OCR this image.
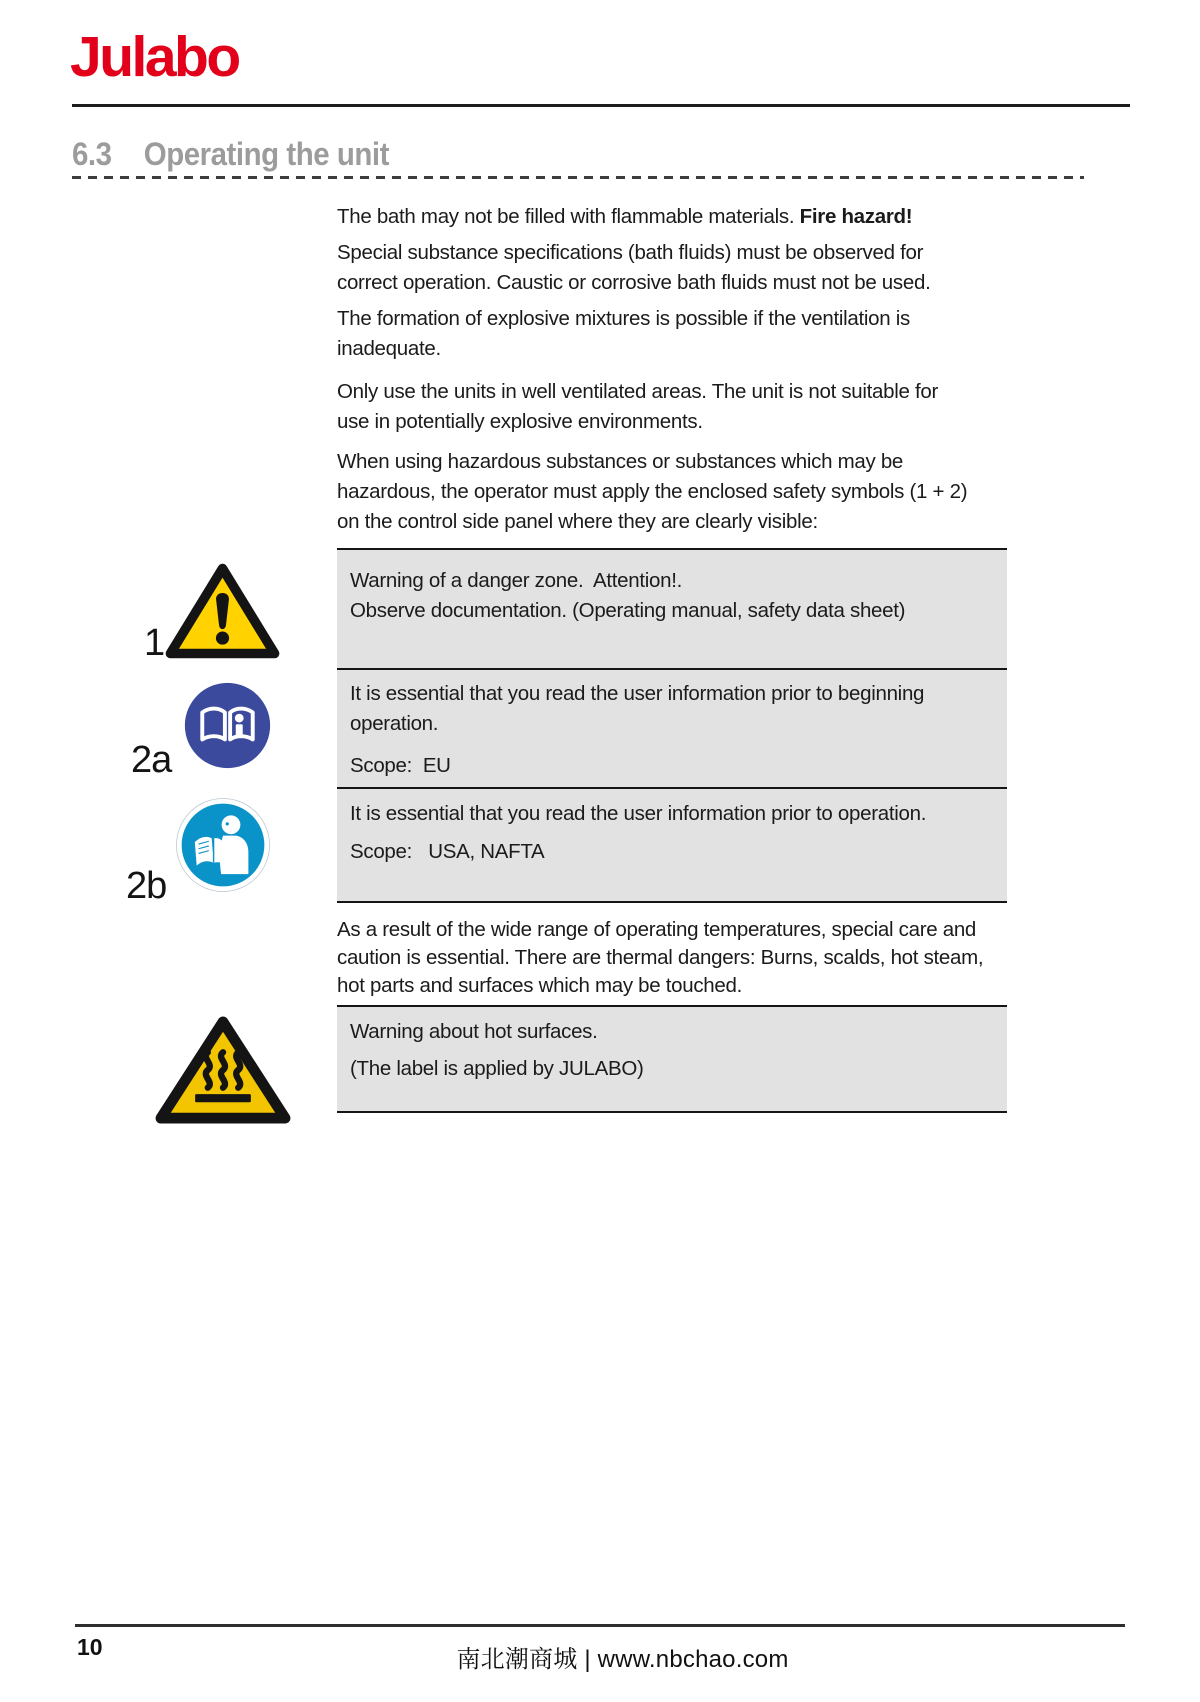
Julabo
6.3	Operating the unit
The bath may not be filled with flammable materials. Fire hazard!
Special substance specifications (bath fluids) must be observed for
correct operation. Caustic or corrosive bath fluids must not be used.
The formation of explosive mixtures is possible if the ventilation is
inadequate.
Only use the units in well ventilated areas. The unit is not suitable for
use in potentially explosive environments.
When using hazardous substances or substances which may be
hazardous, the operator must apply the enclosed safety symbols (1 + 2)
on the control side panel where they are clearly visible:
1
2a
2b
Warning of a danger zone.  Attention!.
Observe documentation. (Operating manual, safety data sheet)
It is essential that you read the user information prior to beginning
operation.
Scope:  EU
It is essential that you read the user information prior to operation.
Scope:   USA, NAFTA
As a result of the wide range of operating temperatures, special care and
caution is essential. There are thermal dangers: Burns, scalds, hot steam,
hot parts and surfaces which may be touched.
Warning about hot surfaces.
(The label is applied by JULABO)
10	南北潮商城 | www.nbchao.com
